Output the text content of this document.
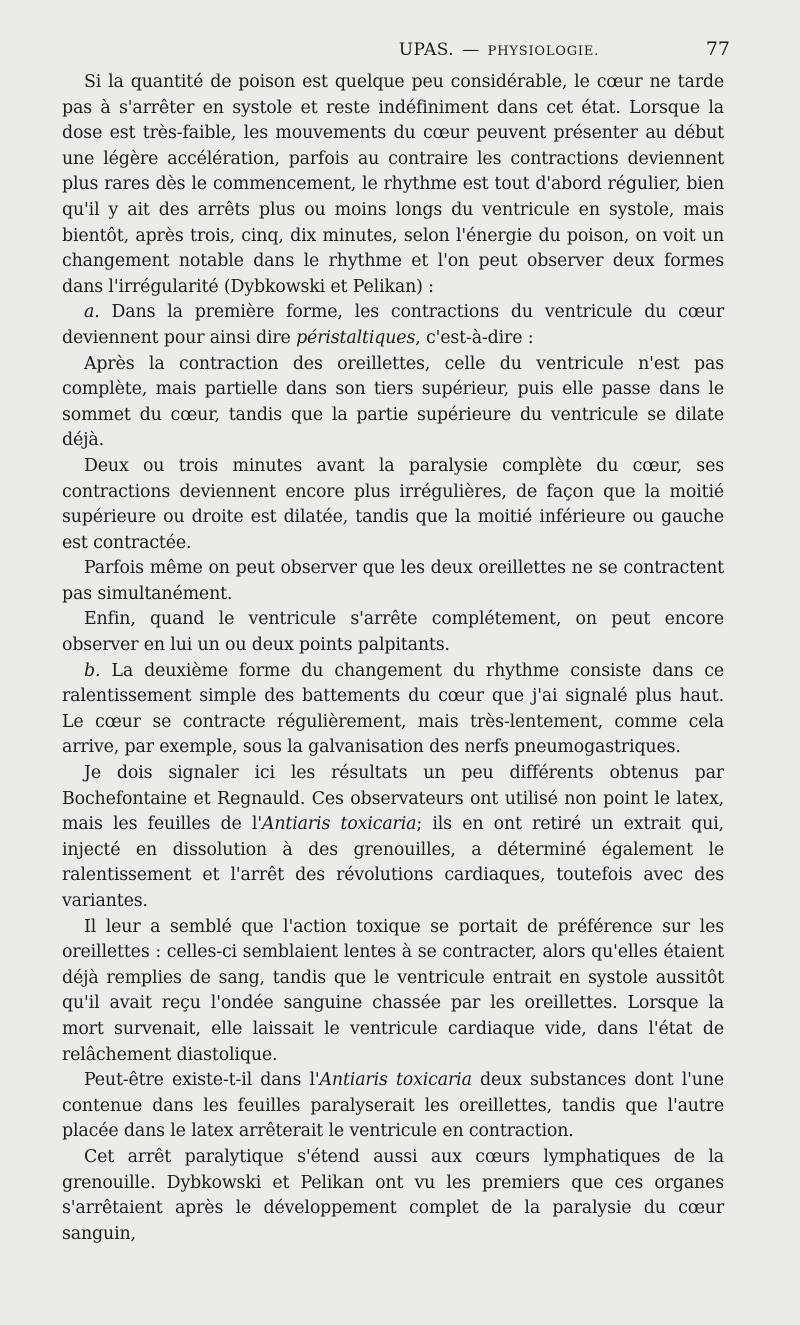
UPAS. — PHYSIOLOGIE.	77

Si la quantité de poison est quelque peu considérable, le cœur ne tarde pas à s'arrêter en systole et reste indéfiniment dans cet état. Lorsque la dose est très-faible, les mouvements du cœur peuvent présenter au début une légère accélération, parfois au contraire les contractions deviennent plus rares dès le commencement, le rhythme est tout d'abord régulier, bien qu'il y ait des arrêts plus ou moins longs du ventricule en systole, mais bientôt, après trois, cinq, dix minutes, selon l'énergie du poison, on voit un changement notable dans le rhythme et l'on peut observer deux formes dans l'irrégularité (Dybkowski et Pelikan) :

a. Dans la première forme, les contractions du ventricule du cœur deviennent pour ainsi dire péristaltiques, c'est-à-dire :

Après la contraction des oreillettes, celle du ventricule n'est pas complète, mais partielle dans son tiers supérieur, puis elle passe dans le sommet du cœur, tandis que la partie supérieure du ventricule se dilate déjà.

Deux ou trois minutes avant la paralysie complète du cœur, ses contractions deviennent encore plus irrégulières, de façon que la moitié supérieure ou droite est dilatée, tandis que la moitié inférieure ou gauche est contractée.

Parfois même on peut observer que les deux oreillettes ne se contractent pas simultanément.

Enfin, quand le ventricule s'arrête complétement, on peut encore observer en lui un ou deux points palpitants.

b. La deuxième forme du changement du rhythme consiste dans ce ralentissement simple des battements du cœur que j'ai signalé plus haut. Le cœur se contracte régulièrement, mais très-lentement, comme cela arrive, par exemple, sous la galvanisation des nerfs pneumogastriques.

Je dois signaler ici les résultats un peu différents obtenus par Bochefontaine et Regnauld. Ces observateurs ont utilisé non point le latex, mais les feuilles de l'Antiaris toxicaria; ils en ont retiré un extrait qui, injecté en dissolution à des grenouilles, a déterminé également le ralentissement et l'arrêt des révolutions cardiaques, toutefois avec des variantes.

Il leur a semblé que l'action toxique se portait de préférence sur les oreillettes : celles-ci semblaient lentes à se contracter, alors qu'elles étaient déjà remplies de sang, tandis que le ventricule entrait en systole aussitôt qu'il avait reçu l'ondée sanguine chassée par les oreillettes. Lorsque la mort survenait, elle laissait le ventricule cardiaque vide, dans l'état de relâchement diastolique.

Peut-être existe-t-il dans l'Antiaris toxicaria deux substances dont l'une contenue dans les feuilles paralyserait les oreillettes, tandis que l'autre placée dans le latex arrêterait le ventricule en contraction.

Cet arrêt paralytique s'étend aussi aux cœurs lymphatiques de la grenouille. Dybkowski et Pelikan ont vu les premiers que ces organes s'arrêtaient après le développement complet de la paralysie du cœur sanguin,
